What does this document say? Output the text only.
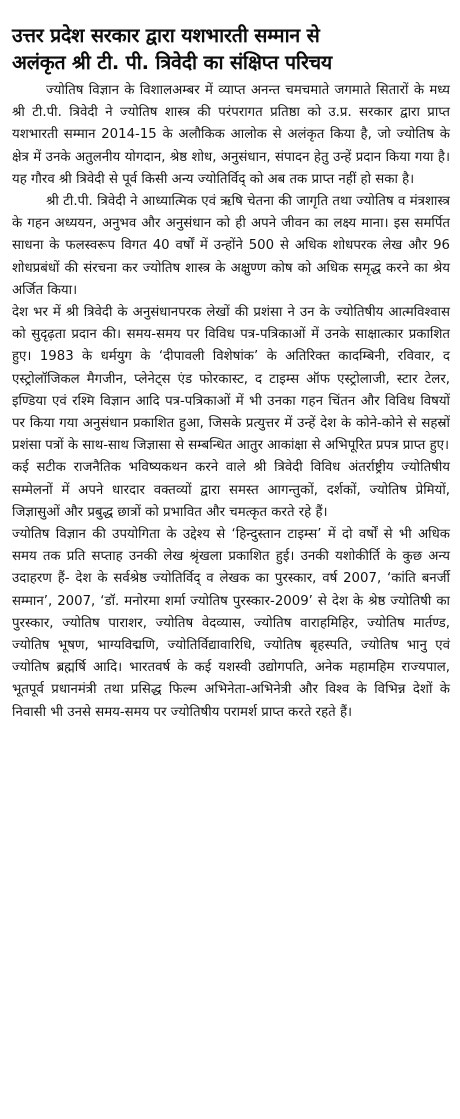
उत्तर प्रदेश सरकार द्वारा यशभारती सम्मान से
अलंकृत श्री टी. पी. त्रिवेदी का संक्षिप्त परिचय

ज्योतिष विज्ञान के विशालअम्बर में व्याप्त अनन्त चमचमाते जगमाते सितारों के मध्य श्री टी.पी. त्रिवेदी ने ज्योतिष शास्त्र की परंपरागत प्रतिष्ठा को उ.प्र. सरकार द्वारा प्राप्त यशभारती सम्मान 2014-15 के अलौकिक आलोक से अलंकृत किया है, जो ज्योतिष के क्षेत्र में उनके अतुलनीय योगदान, श्रेष्ठ शोध, अनुसंधान, संपादन हेतु उन्हें प्रदान किया गया है। यह गौरव श्री त्रिवेदी से पूर्व किसी अन्य ज्योतिर्विद् को अब तक प्राप्त नहीं हो सका है।

श्री टी.पी. त्रिवेदी ने आध्यात्मिक एवं ऋषि चेतना की जागृति तथा ज्योतिष व मंत्रशास्त्र के गहन अध्ययन, अनुभव और अनुसंधान को ही अपने जीवन का लक्ष्य माना। इस समर्पित साधना के फलस्वरूप विगत 40 वर्षों में उन्होंने 500 से अधिक शोधपरक लेख और 96 शोधप्रबंधों की संरचना कर ज्योतिष शास्त्र के अक्षुण्ण कोष को अधिक समृद्ध करने का श्रेय अर्जित किया।

देश भर में श्री त्रिवेदी के अनुसंधानपरक लेखों की प्रशंसा ने उन के ज्योतिषीय आत्मविश्वास को सुदृढ़ता प्रदान की। समय-समय पर विविध पत्र-पत्रिकाओं में उनके साक्षात्कार प्रकाशित हुए। 1983 के धर्मयुग के ‘दीपावली विशेषांक’ के अतिरिक्त कादम्बिनी, रविवार, द एस्ट्रोलॉजिकल मैगजीन, प्लेनेट्स एंड फोरकास्ट, द टाइम्स ऑफ एस्ट्रोलाजी, स्टार टेलर, इण्डिया एवं रश्मि विज्ञान आदि पत्र-पत्रिकाओं में भी उनका गहन चिंतन और विविध विषयों पर किया गया अनुसंधान प्रकाशित हुआ, जिसके प्रत्युत्तर में उन्हें देश के कोने-कोने से सहस्रों प्रशंसा पत्रों के साथ-साथ जिज्ञासा से सम्बन्धित आतुर आकांक्षा से अभिपूरित प्रपत्र प्राप्त हुए।

कई सटीक राजनैतिक भविष्यकथन करने वाले श्री त्रिवेदी विविध अंतर्राष्ट्रीय ज्योतिषीय सम्मेलनों में अपने धारदार वक्तव्यों द्वारा समस्त आगन्तुकों, दर्शकों, ज्योतिष प्रेमियों, जिज्ञासुओं और प्रबुद्ध छात्रों को प्रभावित और चमत्कृत करते रहे हैं।

ज्योतिष विज्ञान की उपयोगिता के उद्देश्य से ‘हिन्दुस्तान टाइम्स’ में दो वर्षों से भी अधिक समय तक प्रति सप्ताह उनकी लेख श्रृंखला प्रकाशित हुई। उनकी यशोकीर्ति के कुछ अन्य उदाहरण हैं- देश के सर्वश्रेष्ठ ज्योतिर्विद् व लेखक का पुरस्कार, वर्ष 2007, ‘कांति बनर्जी सम्मान’, 2007, ‘डॉ. मनोरमा शर्मा ज्योतिष पुरस्कार-2009’ से देश के श्रेष्ठ ज्योतिषी का पुरस्कार, ज्योतिष पाराशर, ज्योतिष वेदव्यास, ज्योतिष वाराहमिहिर, ज्योतिष मार्तण्ड, ज्योतिष भूषण, भाग्यविद्मणि, ज्योतिर्विद्यावारिधि, ज्योतिष बृहस्पति, ज्योतिष भानु एवं ज्योतिष ब्रह्मर्षि आदि। भारतवर्ष के कई यशस्वी उद्योगपति, अनेक महामहिम राज्यपाल, भूतपूर्व प्रधानमंत्री तथा प्रसिद्ध फिल्म अभिनेता-अभिनेत्री और विश्व के विभिन्न देशों के निवासी भी उनसे समय-समय पर ज्योतिषीय परामर्श प्राप्त करते रहते हैं।
